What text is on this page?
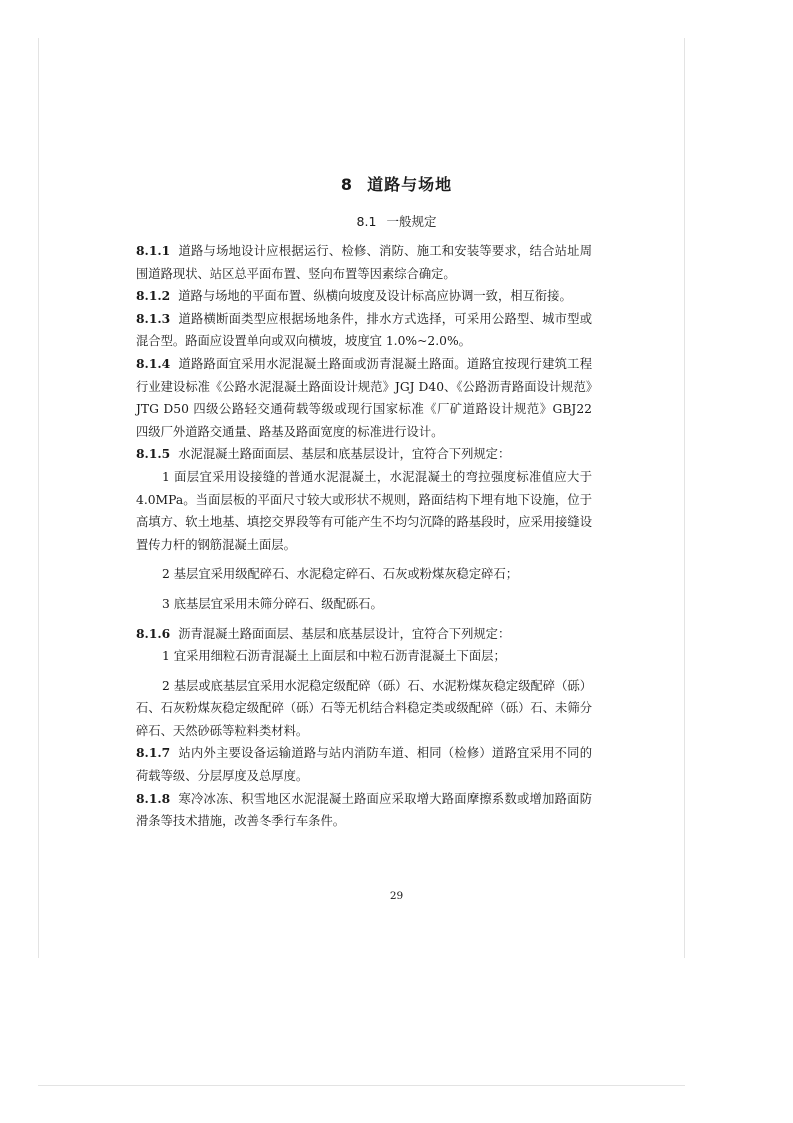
8 道路与场地
8.1 一般规定

8.1.1 道路与场地设计应根据运行、检修、消防、施工和安装等要求，结合站址周围道路现状、站区总平面布置、竖向布置等因素综合确定。

8.1.2 道路与场地的平面布置、纵横向坡度及设计标高应协调一致，相互衔接。

8.1.3 道路横断面类型应根据场地条件，排水方式选择，可采用公路型、城市型或混合型。路面应设置单向或双向横坡，坡度宜 1.0%~2.0%。

8.1.4 道路路面宜采用水泥混凝土路面或沥青混凝土路面。道路宜按现行建筑工程行业建设标准《公路水泥混凝土路面设计规范》JGJ D40、《公路沥青路面设计规范》JTG D50 四级公路轻交通荷载等级或现行国家标准《厂矿道路设计规范》GBJ22 四级厂外道路交通量、路基及路面宽度的标准进行设计。

8.1.5 水泥混凝土路面面层、基层和底基层设计，宜符合下列规定：

1 面层宜采用设接缝的普通水泥混凝土，水泥混凝土的弯拉强度标准值应大于 4.0MPa。当面层板的平面尺寸较大或形状不规则，路面结构下埋有地下设施，位于高填方、软土地基、填挖交界段等有可能产生不均匀沉降的路基段时，应采用接缝设置传力杆的钢筋混凝土面层。

2 基层宜采用级配碎石、水泥稳定碎石、石灰或粉煤灰稳定碎石；

3 底基层宜采用未筛分碎石、级配砾石。

8.1.6 沥青混凝土路面面层、基层和底基层设计，宜符合下列规定：

1 宜采用细粒石沥青混凝土上面层和中粒石沥青混凝土下面层；

2 基层或底基层宜采用水泥稳定级配碎（砾）石、水泥粉煤灰稳定级配碎（砾）石、石灰粉煤灰稳定级配碎（砾）石等无机结合料稳定类或级配碎（砾）石、未筛分碎石、天然砂砾等粒料类材料。

8.1.7 站内外主要设备运输道路与站内消防车道、相同（检修）道路宜采用不同的荷载等级、分层厚度及总厚度。

8.1.8 寒冷冰冻、积雪地区水泥混凝土路面应采取增大路面摩擦系数或增加路面防滑条等技术措施，改善冬季行车条件。

29
